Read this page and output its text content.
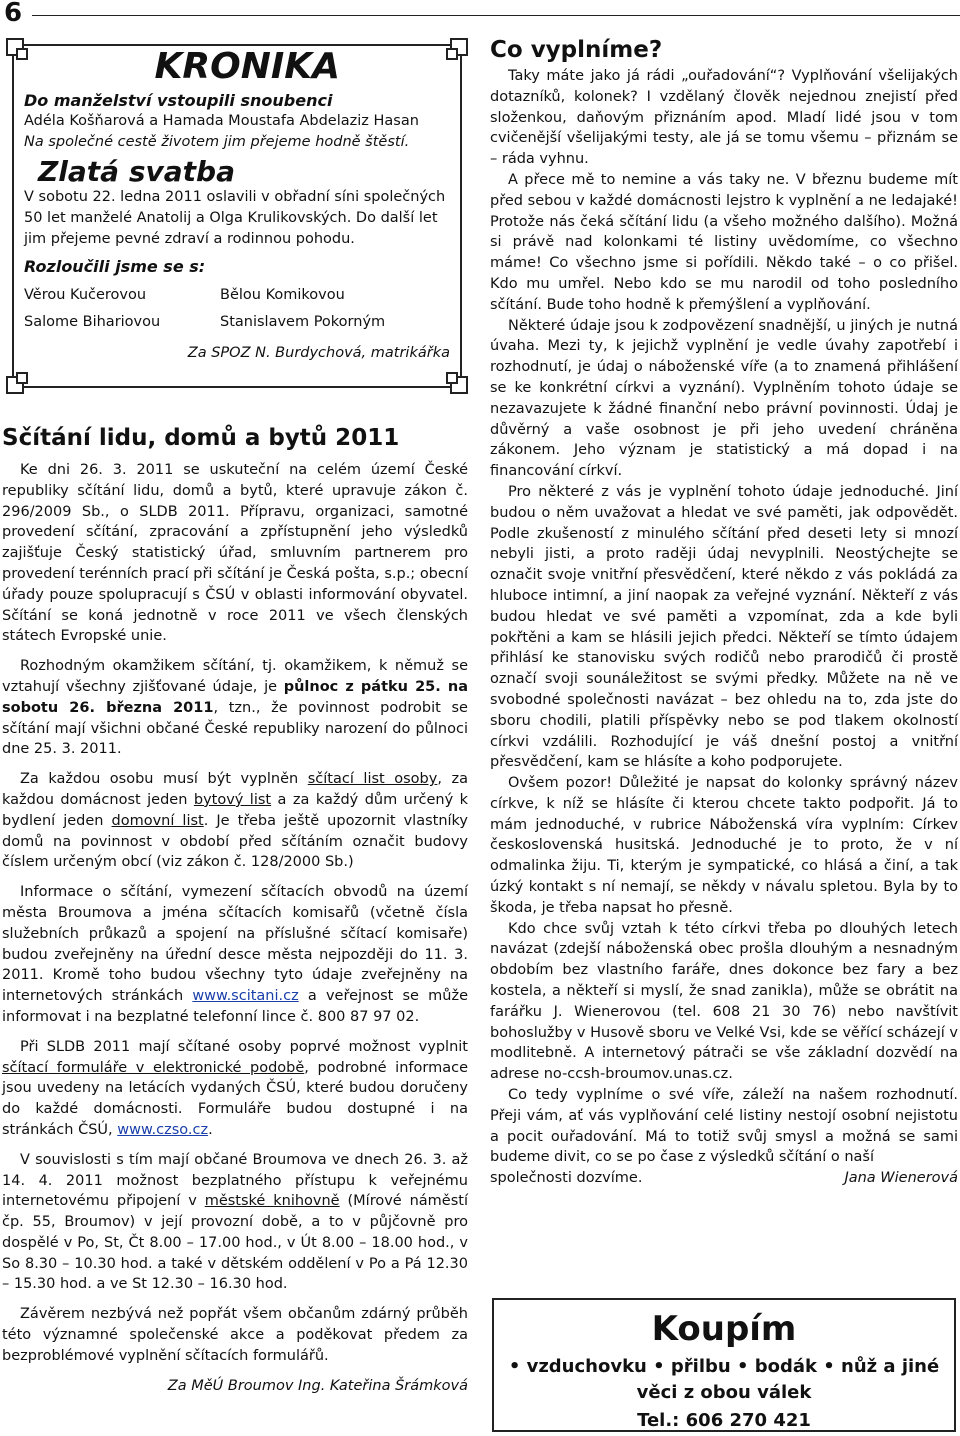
6
KRONIKA

Do manželství vstoupili snoubenci

Adéla Košňarová a Hamada Moustafa Abdelaziz Hasan

Na společné cestě životem jim přejeme hodně štěstí.

Zlatá svatba

V sobotu 22. ledna 2011 oslavili v obřadní síni společných 50 let manželé Anatolij a Olga Krulikovských. Do další let jim přejeme pevné zdraví a rodinnou pohodu.

Rozloučili jsme se s:

Věrou Kučerovou	Bělou Komikovou
Salome Bihariovou	Stanislavem Pokorným

Za SPOZ N. Burdychová, matrikářka

Sčítání lidu, domů a bytů 2011

Ke dni 26. 3. 2011 se uskuteční na celém území České republiky sčítání lidu, domů a bytů, které upravuje zákon č. 296/2009 Sb., o SLDB 2011. Přípravu, organizaci, samotné provedení sčítání, zpracování a zpřístupnění jeho výsledků zajišťuje Český statistický úřad, smluvním partnerem pro provedení terénních prací při sčítání je Česká pošta, s.p.; obecní úřady pouze spolupracují s ČSÚ v oblasti informování obyvatel. Sčítání se koná jednotně v roce 2011 ve všech členských státech Evropské unie.

Rozhodným okamžikem sčítání, tj. okamžikem, k němuž se vztahují všechny zjišťované údaje, je půlnoc z pátku 25. na sobotu 26. března 2011, tzn., že povinnost podrobit se sčítání mají všichni občané České republiky narození do půlnoci dne 25. 3. 2011.

Za každou osobu musí být vyplněn sčítací list osoby, za každou domácnost jeden bytový list a za každý dům určený k bydlení jeden domovní list. Je třeba ještě upozornit vlastníky domů na povinnost v období před sčítáním označit budovy číslem určeným obcí (viz zákon č. 128/2000 Sb.)

Informace o sčítání, vymezení sčítacích obvodů na území města Broumova a jména sčítacích komisařů (včetně čísla služebních průkazů a spojení na příslušné sčítací komisaře) budou zveřejněny na úřední desce města nejpozději do 11. 3. 2011. Kromě toho budou všechny tyto údaje zveřejněny na internetových stránkách www.scitani.cz a veřejnost se může informovat i na bezplatné telefonní lince č. 800 87 97 02.

Při SLDB 2011 mají sčítané osoby poprvé možnost vyplnit sčítací formuláře v elektronické podobě, podrobné informace jsou uvedeny na letácích vydaných ČSÚ, které budou doručeny do každé domácnosti. Formuláře budou dostupné i na stránkách ČSÚ, www.czso.cz.

V souvislosti s tím mají občané Broumova ve dnech 26. 3. až 14. 4. 2011 možnost bezplatného přístupu k veřejnému internetovému připojení v městské knihovně (Mírové náměstí čp. 55, Broumov) v její provozní době, a to v půjčovně pro dospělé v Po, St, Čt 8.00 – 17.00 hod., v Út 8.00 – 18.00 hod., v So 8.30 – 10.30 hod. a také v dětském oddělení v Po a Pá 12.30 – 15.30 hod. a ve St 12.30 – 16.30 hod.

Závěrem nezbývá než popřát všem občanům zdárný průběh této významné společenské akce a poděkovat předem za bezproblémové vyplnění sčítacích formulářů.

Za MěÚ Broumov Ing. Kateřina Šrámková

Co vyplníme?

Taky máte jako já rádi „ouřadování“? Vyplňování všelijakých dotazníků, kolonek? I vzdělaný člověk nejednou znejistí před složenkou, daňovým přiznáním apod. Mladí lidé jsou v tom cvičenější všelijakými testy, ale já se tomu všemu – přiznám se – ráda vyhnu.

A přece mě to nemine a vás taky ne. V březnu budeme mít před sebou v každé domácnosti lejstro k vyplnění a ne ledajaké! Protože nás čeká sčítání lidu (a všeho možného dalšího). Možná si právě nad kolonkami té listiny uvědomíme, co všechno máme! Co všechno jsme si pořídili. Někdo také – o co přišel. Kdo mu umřel. Nebo kdo se mu narodil od toho posledního sčítání. Bude toho hodně k přemýšlení a vyplňování.

Některé údaje jsou k zodpovězení snadnější, u jiných je nutná úvaha. Mezi ty, k jejichž vyplnění je vedle úvahy zapotřebí i rozhodnutí, je údaj o náboženské víře (a to znamená přihlášení se ke konkrétní církvi a vyznání). Vyplněním tohoto údaje se nezavazujete k žádné finanční nebo právní povinnosti. Údaj je důvěrný a vaše osobnost je při jeho uvedení chráněna zákonem. Jeho význam je statistický a má dopad i na financování církví.

Pro některé z vás je vyplnění tohoto údaje jednoduché. Jiní budou o něm uvažovat a hledat ve své paměti, jak odpovědět. Podle zkušeností z minulého sčítání před deseti lety si mnozí nebyli jisti, a proto raději údaj nevyplnili. Neostýchejte se označit svoje vnitřní přesvědčení, které někdo z vás pokládá za hluboce intimní, a jiní naopak za veřejné vyznání. Někteří z vás budou hledat ve své paměti a vzpomínat, zda a kde byli pokřtěni a kam se hlásili jejich předci. Někteří se tímto údajem přihlásí ke stanovisku svých rodičů nebo prarodičů či prostě označí svoji sounáležitost se svými předky. Můžete na ně ve svobodné společnosti navázat – bez ohledu na to, zda jste do sboru chodili, platili příspěvky nebo se pod tlakem okolností církvi vzdálili. Rozhodující je váš dnešní postoj a vnitřní přesvědčení, kam se hlásíte a koho podporujete.

Ovšem pozor! Důležité je napsat do kolonky správný název církve, k níž se hlásíte či kterou chcete takto podpořit. Já to mám jednoduché, v rubrice Náboženská víra vyplním: Církev československá husitská. Jednoduché je to proto, že v ní odmalinka žiju. Ti, kterým je sympatické, co hlásá a činí, a tak úzký kontakt s ní nemají, se někdy v návalu spletou. Byla by to škoda, je třeba napsat ho přesně.

Kdo chce svůj vztah k této církvi třeba po dlouhých letech navázat (zdejší náboženská obec prošla dlouhým a nesnadným obdobím bez vlastního faráře, dnes dokonce bez fary a bez kostela, a někteří si myslí, že snad zanikla), může se obrátit na farářku J. Wienerovou (tel. 608 21 30 76) nebo navštívit bohoslužby v Husově sboru ve Velké Vsi, kde se věřící scházejí v modlitebně. A internetový pátrači se vše základní dozvědí na adrese no-ccsh-broumov.unas.cz.

Co tedy vyplníme o své víře, záleží na našem rozhodnutí. Přeji vám, ať vás vyplňování celé listiny nestojí osobní nejistotu a pocit ouřadování. Má to totiž svůj smysl a možná se sami budeme divit, co se po čase z výsledků sčítání o naší

společnosti dozvíme.	Jana Wienerová
Koupím
• vzduchovku • přilbu • bodák • nůž a jiné věci z obou válek
Tel.: 606 270 421
